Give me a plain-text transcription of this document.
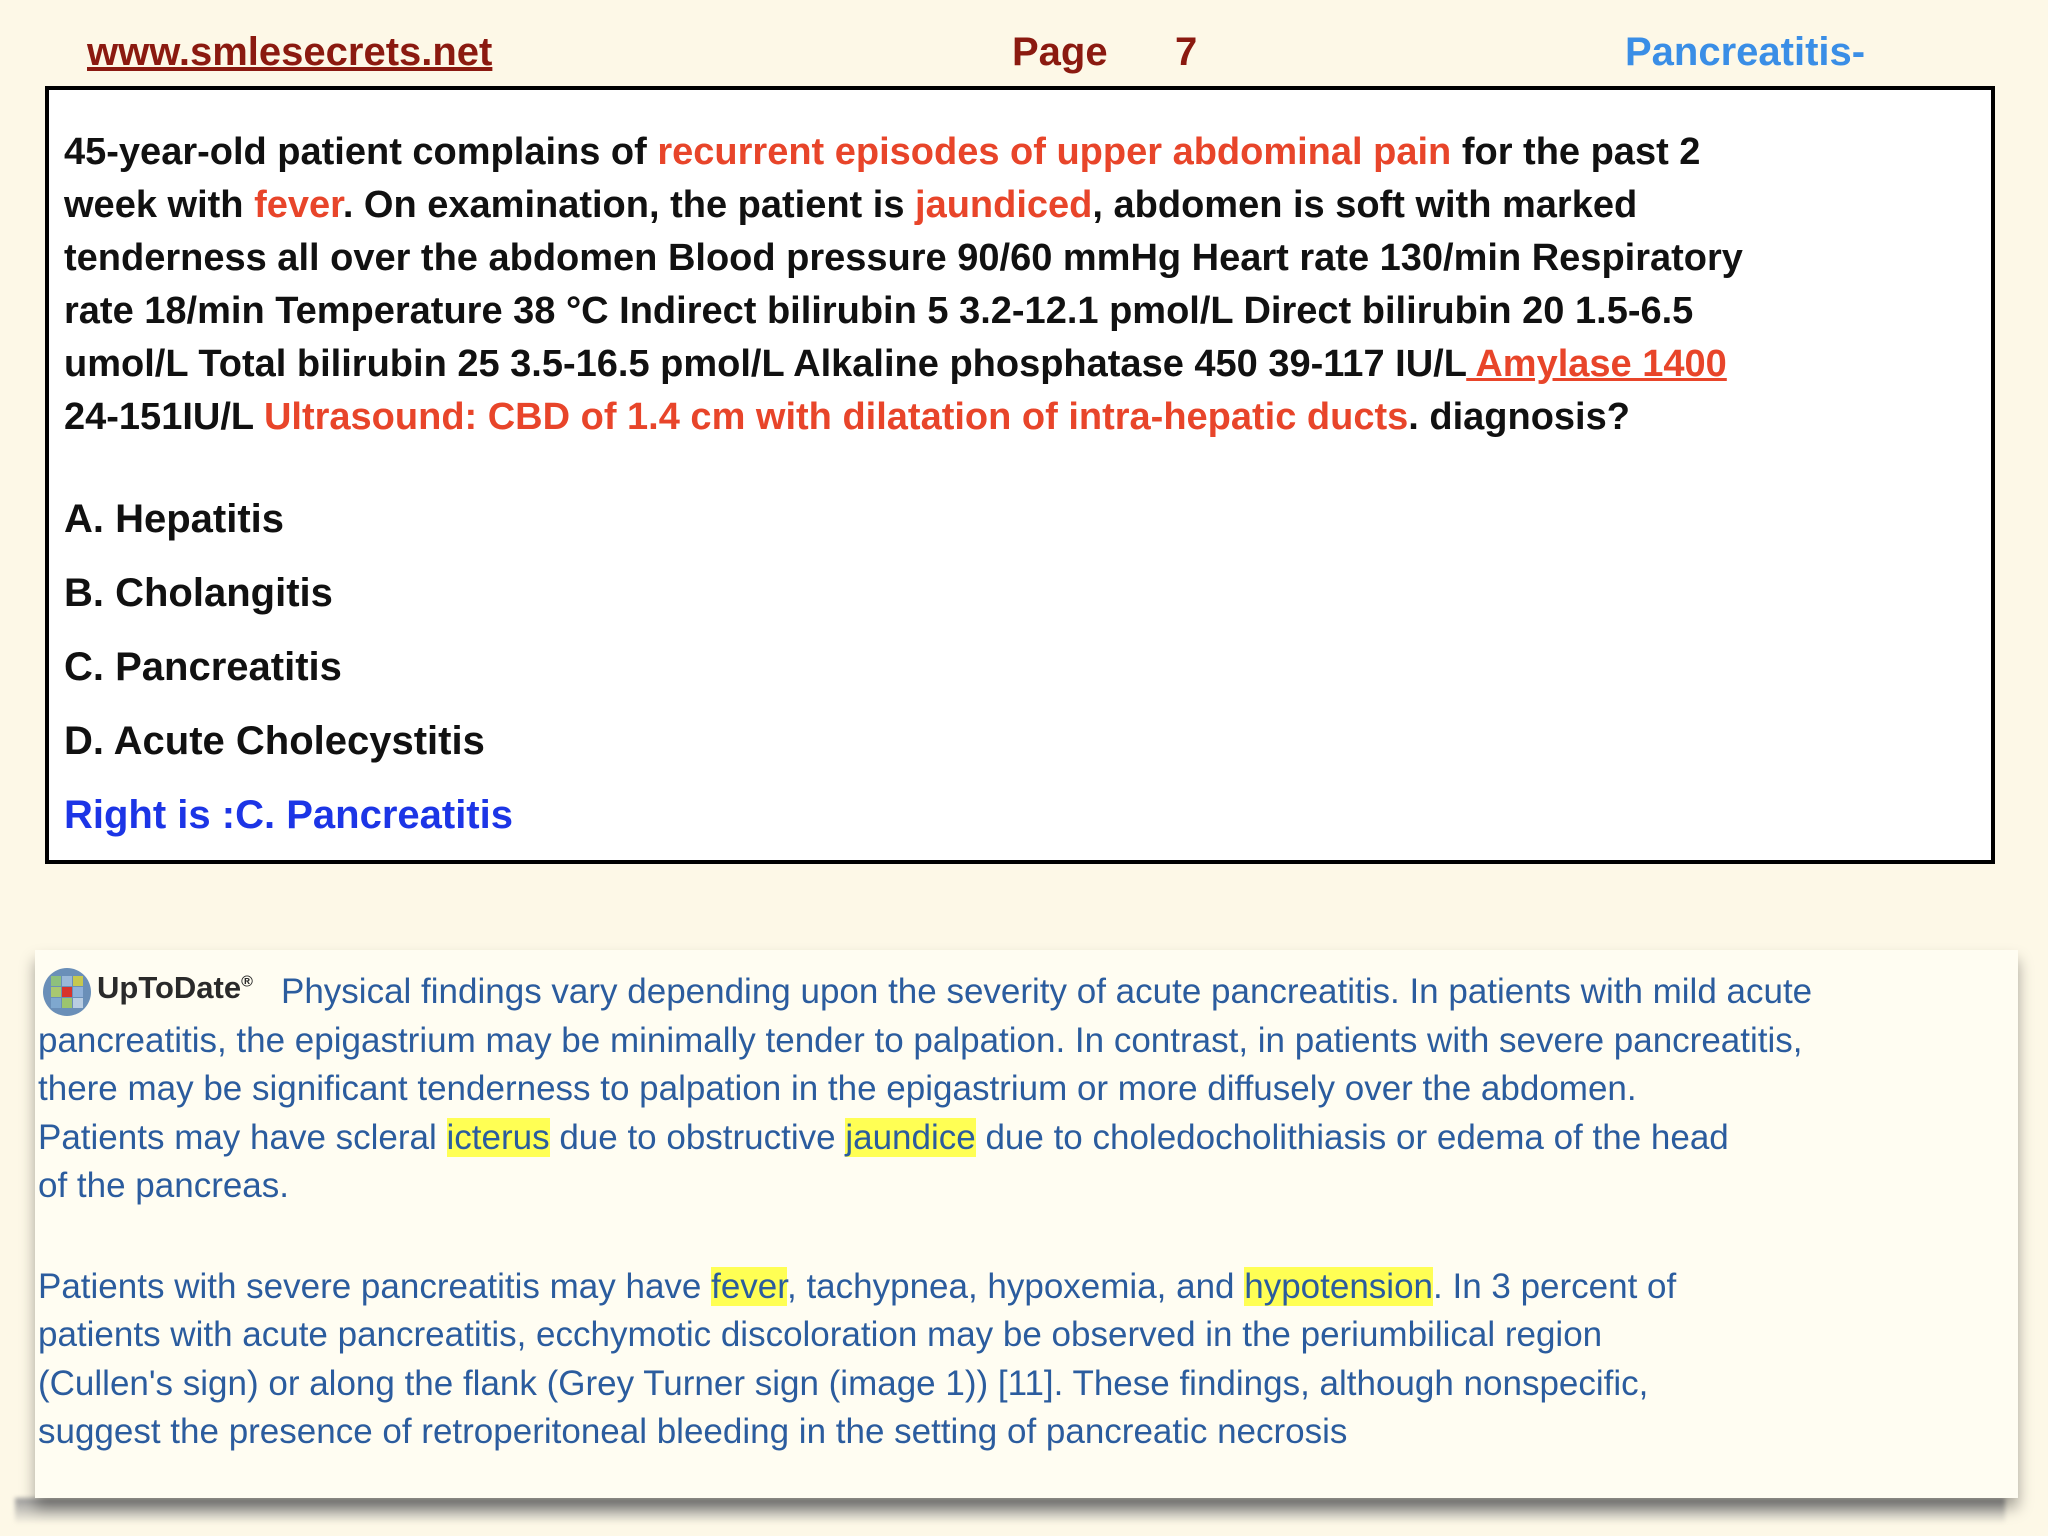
www.smlesecrets.net	Page 7	Pancreatitis-
45-year-old patient complains of recurrent episodes of upper abdominal pain for the past 2
week with fever. On examination, the patient is jaundiced, abdomen is soft with marked
tenderness all over the abdomen Blood pressure 90/60 mmHg Heart rate 130/min Respiratory
rate 18/min Temperature 38 °C Indirect bilirubin 5 3.2-12.1 pmol/L Direct bilirubin 20 1.5-6.5
umol/L Total bilirubin 25 3.5-16.5 pmol/L Alkaline phosphatase 450 39-117 IU/L Amylase 1400
24-151IU/L Ultrasound: CBD of 1.4 cm with dilatation of intra-hepatic ducts. diagnosis?
A. Hepatitis
B. Cholangitis
C. Pancreatitis
D. Acute Cholecystitis
Right is :C. Pancreatitis
UpToDate® Physical findings vary depending upon the severity of acute pancreatitis. In patients with mild acute
pancreatitis, the epigastrium may be minimally tender to palpation. In contrast, in patients with severe pancreatitis,
there may be significant tenderness to palpation in the epigastrium or more diffusely over the abdomen.
Patients may have scleral icterus due to obstructive jaundice due to choledocholithiasis or edema of the head
of the pancreas.
Patients with severe pancreatitis may have fever, tachypnea, hypoxemia, and hypotension. In 3 percent of
patients with acute pancreatitis, ecchymotic discoloration may be observed in the periumbilical region
(Cullen's sign) or along the flank (Grey Turner sign (image 1)) [11]. These findings, although nonspecific,
suggest the presence of retroperitoneal bleeding in the setting of pancreatic necrosis
